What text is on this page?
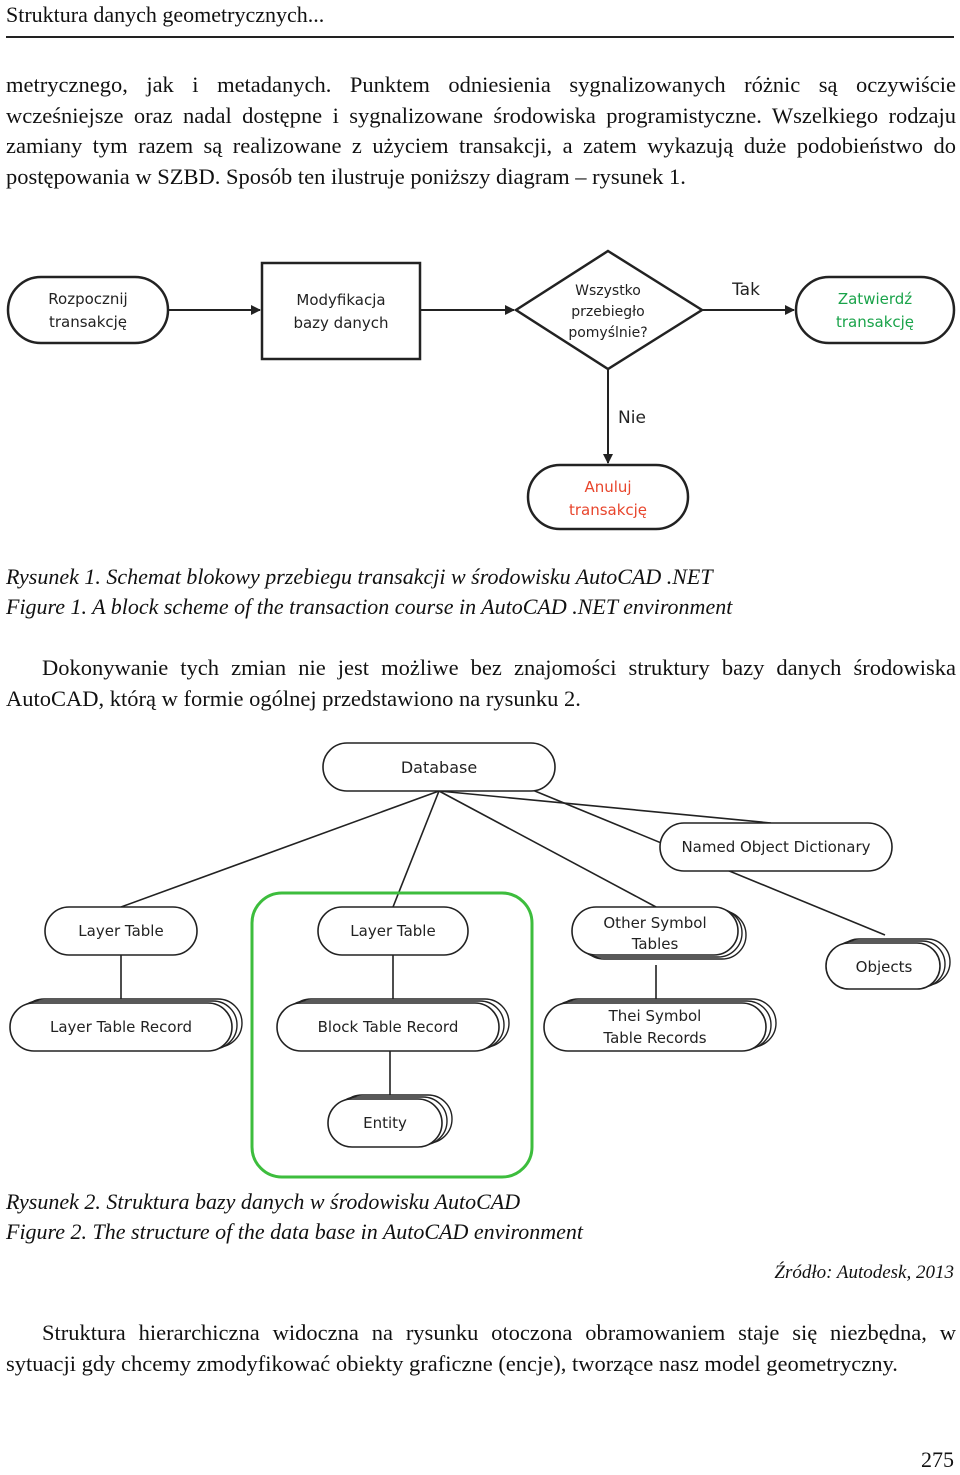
Struktura danych geometrycznych...

metrycznego, jak i metadanych. Punktem odniesienia sygnalizowanych różnic są oczywiście wcześniejsze oraz nadal dostępne i sygnalizowane środowiska programistyczne. Wszelkiego rodzaju zamiany tym razem są realizowane z użyciem transakcji, a zatem wykazują duże podobieństwo do postępowania w SZBD. Sposób ten ilustruje poniższy diagram – rysunek 1.

Rozpocznij
transakcję
Modyfikacja
bazy danych
Wszystko
przebiegło
pomyślnie?
Tak	Zatwierdź
transakcję
Nie
Anuluj
transakcję
Rysunek 1. Schemat blokowy przebiegu transakcji w środowisku AutoCAD .NET
Figure 1. A block scheme of the transaction course in AutoCAD .NET environment

Dokonywanie tych zmian nie jest możliwe bez znajomości struktury bazy danych środowiska AutoCAD, którą w formie ogólnej przedstawiono na rysunku 2.

Database
Named Object Dictionary
Layer Table	Layer Table	Other Symbol
Tables
Objects
Layer Table Record	Block Table Record
Thei Symbol
Table Records
Entity
Rysunek 2. Struktura bazy danych w środowisku AutoCAD
Figure 2. The structure of the data base in AutoCAD environment
Źródło: Autodesk, 2013

Struktura hierarchiczna widoczna na rysunku otoczona obramowaniem staje się niezbędna, w sytuacji gdy chcemy zmodyfikować obiekty graficzne (encje), tworzące nasz model geometryczny.

275
